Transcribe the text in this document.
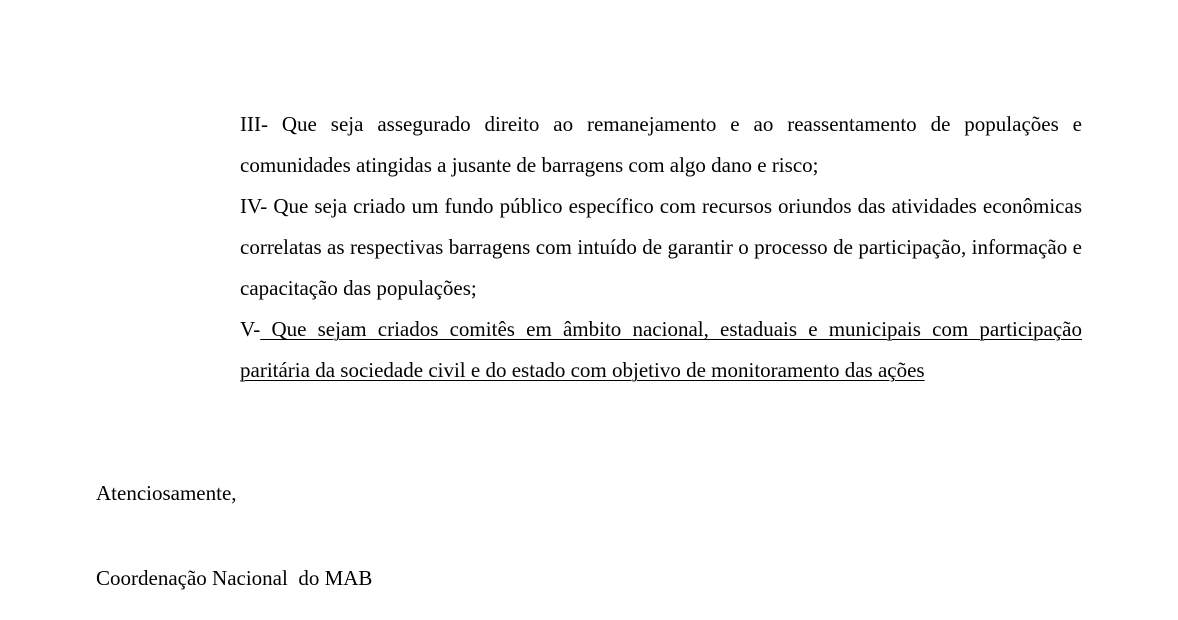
III- Que seja assegurado direito ao remanejamento e ao reassentamento de populações e comunidades atingidas a jusante de barragens com algo dano e risco;

IV- Que seja criado um fundo público específico com recursos oriundos das atividades econômicas correlatas as respectivas barragens com intuído de garantir o processo de participação, informação e capacitação das populações;

V- Que sejam criados comitês em âmbito nacional, estaduais e municipais com participação paritária da sociedade civil e do estado com objetivo de monitoramento das ações

Atenciosamente,

Coordenação Nacional  do MAB
